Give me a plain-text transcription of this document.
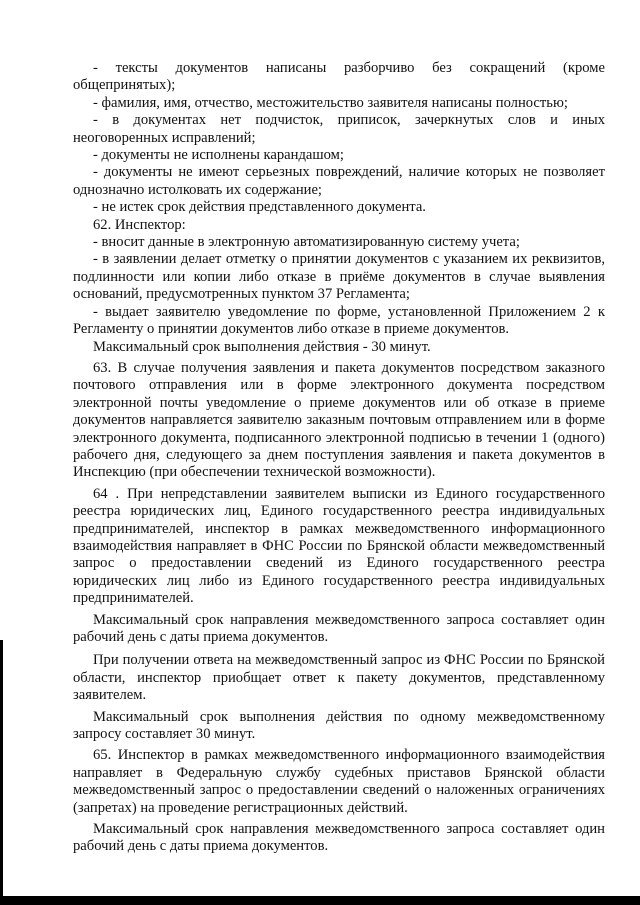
- тексты документов написаны разборчиво без сокращений (кроме общепринятых);

- фамилия, имя, отчество, местожительство заявителя написаны полностью;

- в документах нет подчисток, приписок, зачеркнутых слов и иных неоговоренных исправлений;

- документы не исполнены карандашом;

- документы не имеют серьезных повреждений, наличие которых не позволяет однозначно истолковать их содержание;

- не истек срок действия представленного документа.

62. Инспектор:

- вносит данные в электронную автоматизированную систему учета;

- в заявлении делает отметку о принятии документов с указанием их реквизитов, подлинности или копии либо отказе в приёме документов в случае выявления оснований, предусмотренных пунктом 37 Регламента;

- выдает заявителю уведомление по форме, установленной Приложением 2 к Регламенту о принятии документов либо отказе в приеме документов.

Максимальный срок выполнения действия - 30 минут.

63. В случае получения заявления и пакета документов посредством заказного почтового отправления или в форме электронного документа посредством электронной почты уведомление о приеме документов или об отказе в приеме документов направляется заявителю заказным почтовым отправлением или в форме электронного документа, подписанного электронной подписью в течении 1 (одного) рабочего дня, следующего за днем поступления заявления и пакета документов в Инспекцию (при обеспечении технической возможности).

64 . При непредставлении заявителем выписки из Единого государственного реестра юридических лиц, Единого государственного реестра индивидуальных предпринимателей, инспектор в рамках межведомственного информационного взаимодействия направляет в ФНС России по Брянской области межведомственный запрос о предоставлении сведений из Единого государственного реестра юридических лиц либо из Единого государственного реестра индивидуальных предпринимателей.

Максимальный срок направления межведомственного запроса составляет один рабочий день с даты приема документов.

При получении ответа на межведомственный запрос из ФНС России по Брянской области, инспектор приобщает ответ к пакету документов, представленному заявителем.

Максимальный срок выполнения действия по одному межведомственному запросу составляет 30 минут.

65. Инспектор в рамках межведомственного информационного взаимодействия направляет в Федеральную службу судебных приставов Брянской области межведомственный запрос о предоставлении сведений о наложенных ограничениях (запретах) на проведение регистрационных действий.

Максимальный срок направления межведомственного запроса составляет один рабочий день с даты приема документов.
